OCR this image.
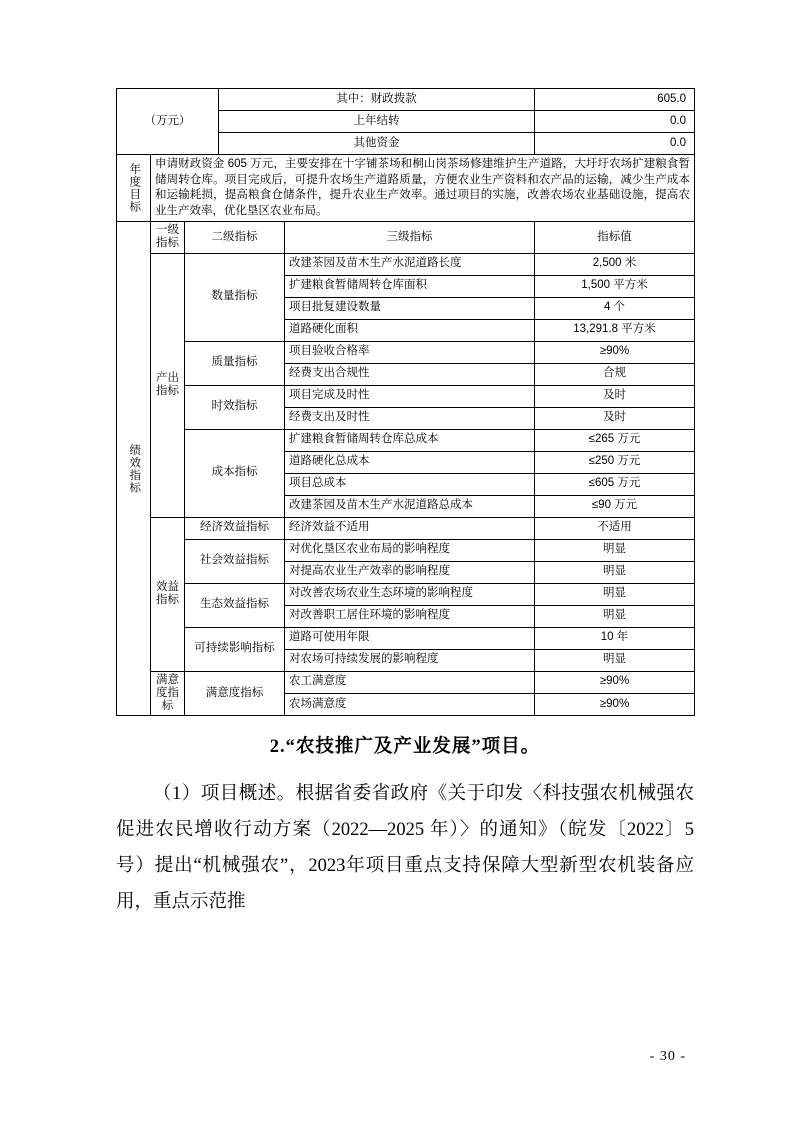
（万元）			其中：财政拨款		605.0
			上年结转		0.0
			其他资金		0.0

年度目标	申请财政资金 605 万元，主要安排在十字铺茶场和桐山岗茶场修建维护生产道路，大圩圩农场扩建粮食暂储周转仓库。项目完成后，可提升农场生产道路质量，方便农业生产资料和农产品的运输，减少生产成本和运输耗损，提高粮食仓储条件，提升农业生产效率。通过项目的实施，改善农场农业基础设施，提高农业生产效率，优化垦区农业布局。				

绩效指标	一级指标	二级指标		三级指标	指标值
	产出指标	数量指标		改建茶园及苗木生产水泥道路长度	2,500 米
				扩建粮食暂储周转仓库面积	1,500 平方米
				项目批复建设数量	4 个
				道路硬化面积	13,291.8 平方米
		质量指标		项目验收合格率	≥90%
				经费支出合规性	合规
		时效指标		项目完成及时性	及时
				经费支出及时性	及时
		成本指标		扩建粮食暂储周转仓库总成本	≤265 万元
				道路硬化总成本	≤250 万元
				项目总成本	≤605 万元
				改建茶园及苗木生产水泥道路总成本	≤90 万元
	效益指标	经济效益指标		经济效益不适用	不适用
		社会效益指标		对优化垦区农业布局的影响程度	明显
				对提高农业生产效率的影响程度	明显
		生态效益指标		对改善农场农业生态环境的影响程度	明显
				对改善职工居住环境的影响程度	明显
		可持续影响指标		道路可使用年限	10 年
				对农场可持续发展的影响程度	明显
	满意度指标	满意度指标		农工满意度	≥90%
				农场满意度	≥90%
2.“农技推广及产业发展”项目。
（1）项目概述。根据省委省政府《关于印发〈科技强农机械强农促进农民增收行动方案（2022—2025 年）〉的通知》（皖发〔2022〕5 号）提出“机械强农”，2023年项目重点支持保障大型新型农机装备应用，重点示范推
- 30 -
